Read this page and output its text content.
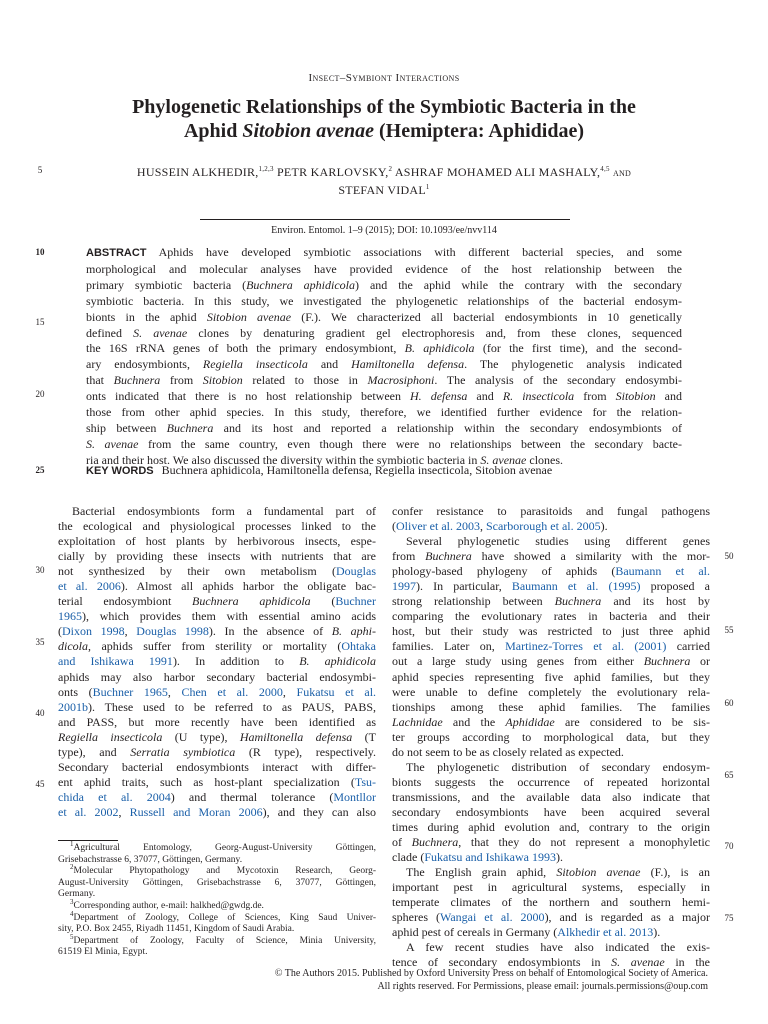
Insect–Symbiont Interactions
Phylogenetic Relationships of the Symbiotic Bacteria in the
Aphid Sitobion avenae (Hemiptera: Aphididae)
HUSSEIN ALKHEDIR,$^{1,2,3}$ PETR KARLOVSKY,$^2$ ASHRAF MOHAMED ALI MASHALY,$^{4,5}$ and
STEFAN VIDAL$^1$
Environ. Entomol. 1–9 (2015); DOI: 10.1093/ee/nvv114
5
10
15
20
25
30
35
40
45
50
55
60
65
70
75
ABSTRACT Aphids have developed symbiotic associations with different bacterial species, and some
morphological and molecular analyses have provided evidence of the host relationship between the
primary symbiotic bacteria (Buchnera aphidicola) and the aphid while the contrary with the secondary
symbiotic bacteria. In this study, we investigated the phylogenetic relationships of the bacterial endosym-
bionts in the aphid Sitobion avenae (F.). We characterized all bacterial endosymbionts in 10 genetically
defined S. avenae clones by denaturing gradient gel electrophoresis and, from these clones, sequenced
the 16S rRNA genes of both the primary endosymbiont, B. aphidicola (for the first time), and the second-
ary endosymbionts, Regiella insecticola and Hamiltonella defensa. The phylogenetic analysis indicated
that Buchnera from Sitobion related to those in Macrosiphoni. The analysis of the secondary endosymbi-
onts indicated that there is no host relationship between H. defensa and R. insecticola from Sitobion and
those from other aphid species. In this study, therefore, we identified further evidence for the relation-
ship between Buchnera and its host and reported a relationship within the secondary endosymbionts of
S. avenae from the same country, even though there were no relationships between the secondary bacte-
ria and their host. We also discussed the diversity within the symbiotic bacteria in S. avenae clones.
KEY WORDS Buchnera aphidicola, Hamiltonella defensa, Regiella insecticola, Sitobion avenae
Bacterial endosymbionts form a fundamental part of
the ecological and physiological processes linked to the
exploitation of host plants by herbivorous insects, espe-
cially by providing these insects with nutrients that are
not synthesized by their own metabolism (Douglas
et al. 2006). Almost all aphids harbor the obligate bac-
terial endosymbiont Buchnera aphidicola (Buchner
1965), which provides them with essential amino acids
(Dixon 1998, Douglas 1998). In the absence of B. aphi-
dicola, aphids suffer from sterility or mortality (Ohtaka
and Ishikawa 1991). In addition to B. aphidicola
aphids may also harbor secondary bacterial endosymbi-
onts (Buchner 1965, Chen et al. 2000, Fukatsu et al.
2001b). These used to be referred to as PAUS, PABS,
and PASS, but more recently have been identified as
Regiella insecticola (U type), Hamiltonella defensa (T
type), and Serratia symbiotica (R type), respectively.
Secondary bacterial endosymbionts interact with differ-
ent aphid traits, such as host-plant specialization (Tsu-
chida et al. 2004) and thermal tolerance (Montllor
et al. 2002, Russell and Moran 2006), and they can also
$^1$Agricultural Entomology, Georg-August-University Göttingen,
Grisebachstrasse 6, 37077, Göttingen, Germany.
$^2$Molecular Phytopathology and Mycotoxin Research, Georg-
August-University Göttingen, Grisebachstrasse 6, 37077, Göttingen,
Germany.
$^3$Corresponding author, e-mail: halkhed@gwdg.de.
$^4$Department of Zoology, College of Sciences, King Saud Univer-
sity, P.O. Box 2455, Riyadh 11451, Kingdom of Saudi Arabia.
$^5$Department of Zoology, Faculty of Science, Minia University,
61519 El Minia, Egypt.
confer resistance to parasitoids and fungal pathogens
(Oliver et al. 2003, Scarborough et al. 2005).
Several phylogenetic studies using different genes
from Buchnera have showed a similarity with the mor-
phology-based phylogeny of aphids (Baumann et al.
1997). In particular, Baumann et al. (1995) proposed a
strong relationship between Buchnera and its host by
comparing the evolutionary rates in bacteria and their
host, but their study was restricted to just three aphid
families. Later on, Martinez-Torres et al. (2001) carried
out a large study using genes from either Buchnera or
aphid species representing five aphid families, but they
were unable to define completely the evolutionary rela-
tionships among these aphid families. The families
Lachnidae and the Aphididae are considered to be sis-
ter groups according to morphological data, but they
do not seem to be as closely related as expected.
The phylogenetic distribution of secondary endosym-
bionts suggests the occurrence of repeated horizontal
transmissions, and the available data also indicate that
secondary endosymbionts have been acquired several
times during aphid evolution and, contrary to the origin
of Buchnera, that they do not represent a monophyletic
clade (Fukatsu and Ishikawa 1993).
The English grain aphid, Sitobion avenae (F.), is an
important pest in agricultural systems, especially in
temperate climates of the northern and southern hemi-
spheres (Wangai et al. 2000), and is regarded as a major
aphid pest of cereals in Germany (Alkhedir et al. 2013).
A few recent studies have also indicated the exis-
tence of secondary endosymbionts in S. avenae in the
© The Authors 2015. Published by Oxford University Press on behalf of Entomological Society of America.
All rights reserved. For Permissions, please email: journals.permissions@oup.com
